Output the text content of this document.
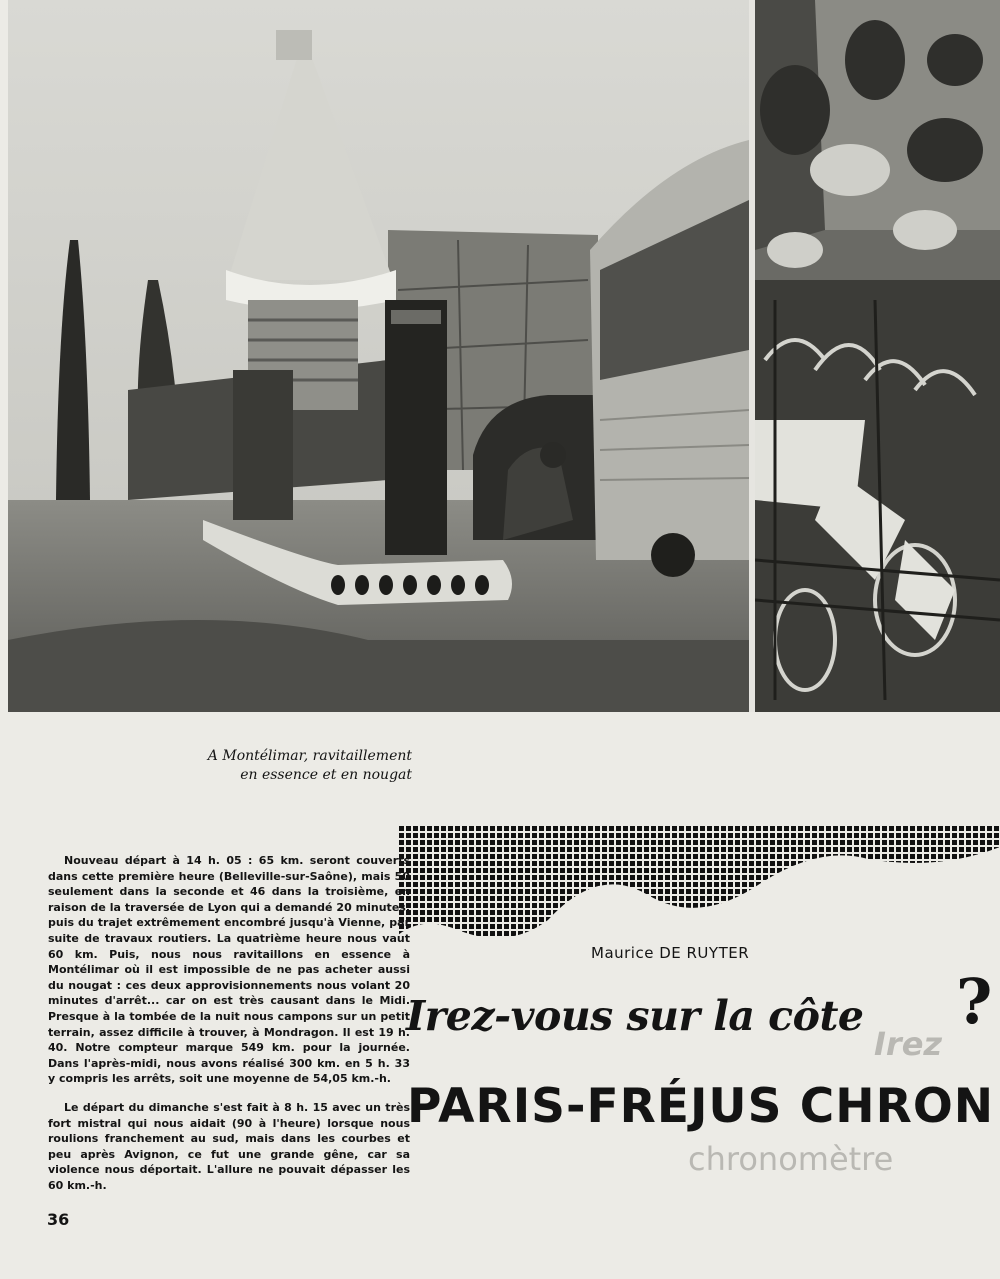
A Montélimar, ravitaillement
en essence et en nougat

Maurice DE RUYTER

Irez-vous sur la côte ?
PARIS-FRÉJUS CHRON

Irez

chronomètre

Nouveau départ à 14 h. 05 : 65 km. seront couverts dans cette première heure (Belleville-sur-Saône), mais 50 seulement dans la seconde et 46 dans la troisième, en raison de la traversée de Lyon qui a demandé 20 minutes, puis du trajet extrêmement encombré jusqu'à Vienne, par suite de travaux routiers. La quatrième heure nous vaut 60 km. Puis, nous nous ravitaillons en essence à Montélimar où il est impossible de ne pas acheter aussi du nougat : ces deux approvisionnements nous volant 20 minutes d'arrêt... car on est très causant dans le Midi. Presque à la tombée de la nuit nous campons sur un petit terrain, assez difficile à trouver, à Mondragon. Il est 19 h. 40. Notre compteur marque 549 km. pour la journée. Dans l'après-midi, nous avons réalisé 300 km. en 5 h. 33 y compris les arrêts, soit une moyenne de 54,05 km.-h.

Le départ du dimanche s'est fait à 8 h. 15 avec un très fort mistral qui nous aidait (90 à l'heure) lorsque nous roulions franchement au sud, mais dans les courbes et peu après Avignon, ce fut une grande gêne, car sa violence nous déportait. L'allure ne pouvait dépasser les 60 km.-h.

36
